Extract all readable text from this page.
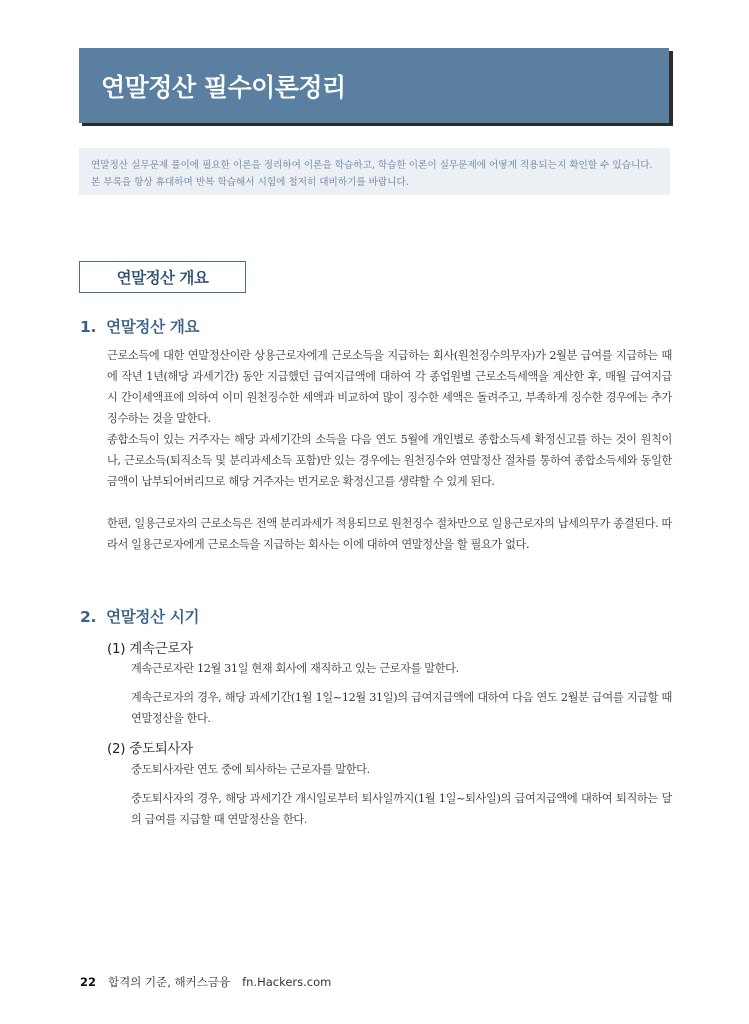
연말정산 필수이론정리
연말정산 실무문제 풀이에 필요한 이론을 정리하여 이론을 학습하고, 학습한 이론이 실무문제에 어떻게 적용되는지 확인할 수 있습니다. 본 부록을 항상 휴대하며 반복 학습해서 시험에 철저히 대비하기를 바랍니다.
연말정산 개요
1. 연말정산 개요
근로소득에 대한 연말정산이란 상용근로자에게 근로소득을 지급하는 회사(원천징수의무자)가 2월분 급여를 지급하는 때에 작년 1년(해당 과세기간) 동안 지급했던 급여지급액에 대하여 각 종업원별 근로소득세액을 계산한 후, 매월 급여지급 시 간이세액표에 의하여 이미 원천징수한 세액과 비교하여 많이 징수한 세액은 돌려주고, 부족하게 징수한 경우에는 추가징수하는 것을 말한다.
종합소득이 있는 거주자는 해당 과세기간의 소득을 다음 연도 5월에 개인별로 종합소득세 확정신고를 하는 것이 원칙이나, 근로소득(퇴직소득 및 분리과세소득 포함)만 있는 경우에는 원천징수와 연말정산 절차를 통하여 종합소득세와 동일한 금액이 납부되어버리므로 해당 거주자는 번거로운 확정신고를 생략할 수 있게 된다.
한편, 일용근로자의 근로소득은 전액 분리과세가 적용되므로 원천징수 절차만으로 일용근로자의 납세의무가 종결된다. 따라서 일용근로자에게 근로소득을 지급하는 회사는 이에 대하여 연말정산을 할 필요가 없다.
2. 연말정산 시기
(1) 계속근로자
계속근로자란 12월 31일 현재 회사에 재직하고 있는 근로자를 말한다.
계속근로자의 경우, 해당 과세기간(1월 1일~12월 31일)의 급여지급액에 대하여 다음 연도 2월분 급여를 지급할 때 연말정산을 한다.
(2) 중도퇴사자
중도퇴사자란 연도 중에 퇴사하는 근로자를 말한다.
중도퇴사자의 경우, 해당 과세기간 개시일로부터 퇴사일까지(1월 1일~퇴사일)의 급여지급액에 대하여 퇴직하는 달의 급여를 지급할 때 연말정산을 한다.
22 합격의 기준, 해커스금융 fn.Hackers.com
